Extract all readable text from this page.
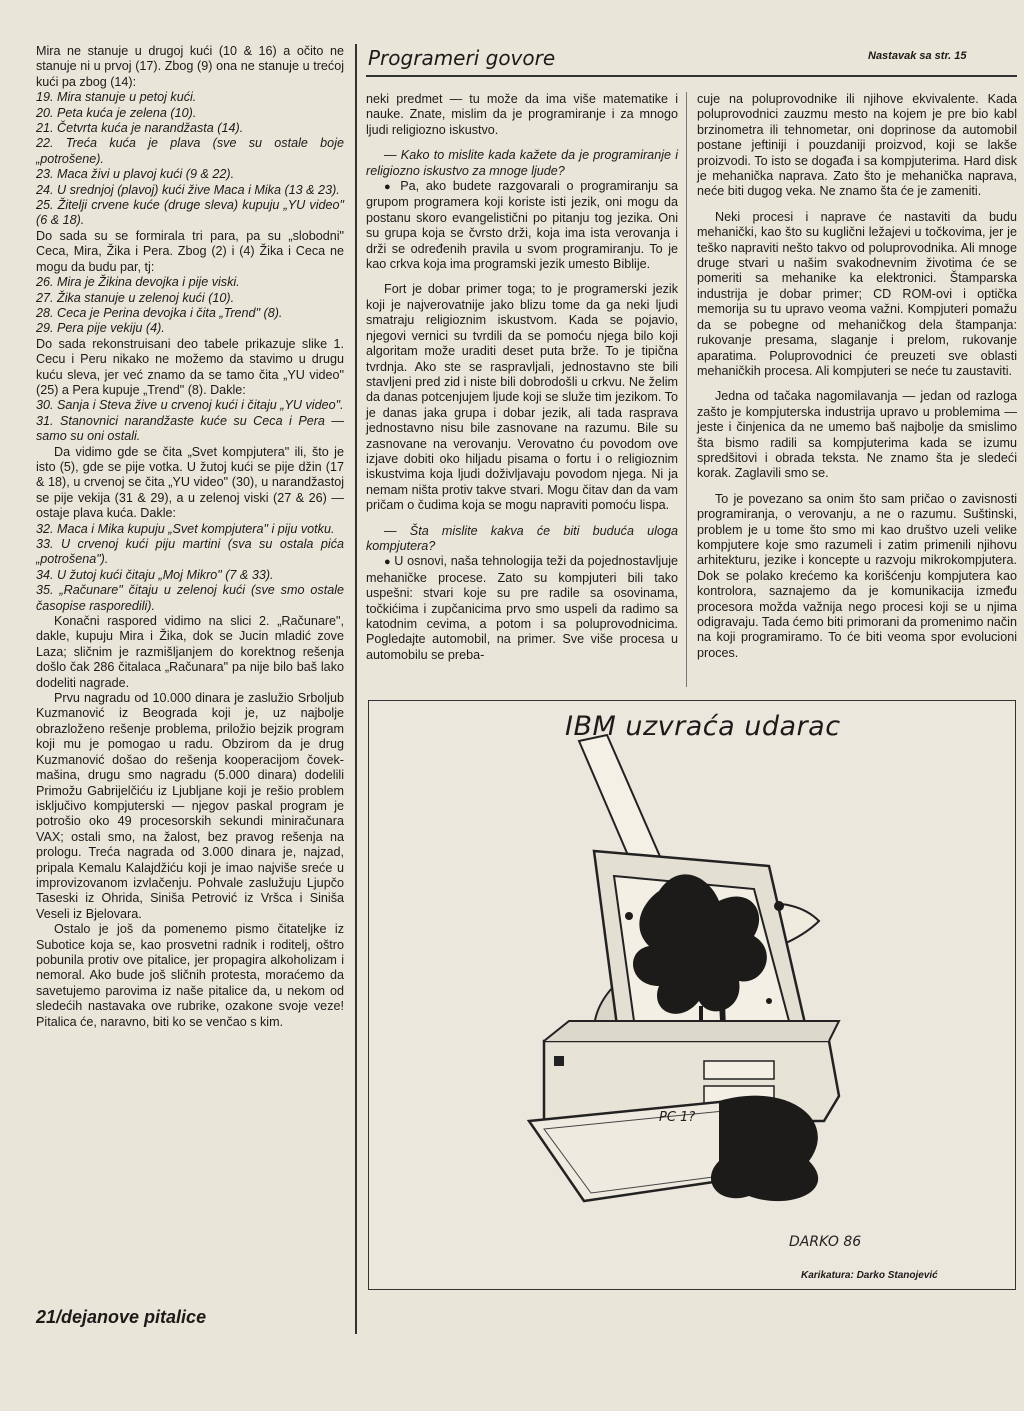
Mira ne stanuje u drugoj kući (10 & 16) a očito ne stanuje ni u prvoj (17). Zbog (9) ona ne stanuje u trećoj kući pa zbog (14):

19. Mira stanuje u petoj kući.

20. Peta kuća je zelena (10).

21. Četvrta kuća je narandžasta (14).

22. Treća kuća je plava (sve su ostale boje „potrošene).

23. Maca živi u plavoj kući (9 & 22).

24. U srednjoj (plavoj) kući žive Maca i Mika (13 & 23).

25. Žitelji crvene kuće (druge sleva) kupuju „YU video" (6 & 18).

Do sada su se formirala tri para, pa su „slobodni" Ceca, Mira, Žika i Pera. Zbog (2) i (4) Žika i Ceca ne mogu da budu par, tj:

26. Mira je Žikina devojka i pije viski.

27. Žika stanuje u zelenoj kući (10).

28. Ceca je Perina devojka i čita „Trend" (8).

29. Pera pije vekiju (4).

Do sada rekonstruisani deo tabele prikazuje slike 1. Cecu i Peru nikako ne možemo da stavimo u drugu kuću sleva, jer već znamo da se tamo čita „YU video" (25) a Pera kupuje „Trend" (8). Dakle:

30. Sanja i Steva žive u crvenoj kući i čitaju „YU video".

31. Stanovnici narandžaste kuće su Ceca i Pera — samo su oni ostali.

Da vidimo gde se čita „Svet kompjutera" ili, što je isto (5), gde se pije votka. U žutoj kući se pije džin (17 & 18), u crvenoj se čita „YU video" (30), u narandžastoj se pije vekija (31 & 29), a u zelenoj viski (27 & 26) — ostaje plava kuća. Dakle:

32. Maca i Mika kupuju „Svet kompjutera" i piju votku.

33. U crvenoj kući piju martini (sva su ostala pića „potrošena").

34. U žutoj kući čitaju „Moj Mikro" (7 & 33).

35. „Računare" čitaju u zelenoj kući (sve smo ostale časopise rasporedili).

Konačni raspored vidimo na slici 2. „Računare", dakle, kupuju Mira i Žika, dok se Jucin mladić zove Laza; sličnim je razmišljanjem do korektnog rešenja došlo čak 286 čitalaca „Računara" pa nije bilo baš lako dodeliti nagrade.

Prvu nagradu od 10.000 dinara je zaslužio Srboljub Kuzmanović iz Beograda koji je, uz najbolje obrazloženo rešenje problema, priložio bejzik program koji mu je pomogao u radu. Obzirom da je drug Kuzmanović došao do rešenja kooperacijom čovek-mašina, drugu smo nagradu (5.000 dinara) dodelili Primožu Gabrijelčiću iz Ljubljane koji je rešio problem isključivo kompjuterski — njegov paskal program je potrošio oko 49 procesorskih sekundi miniračunara VAX; ostali smo, na žalost, bez pravog rešenja na prologu. Treća nagrada od 3.000 dinara je, najzad, pripala Kemalu Kalajdžiću koji je imao najviše sreće u improvizovanom izvlačenju. Pohvale zaslužuju Ljupčo Taseski iz Ohrida, Siniša Petrović iz Vršca i Siniša Veseli iz Bjelovara.

Ostalo je još da pomenemo pismo čitateljke iz Subotice koja se, kao prosvetni radnik i roditelj, oštro pobunila protiv ove pitalice, jer propagira alkoholizam i nemoral. Ako bude još sličnih protesta, moraćemo da savetujemo parovima iz naše pitalice da, u nekom od sledećih nastavaka ove rubrike, ozakone svoje veze! Pitalica će, naravno, biti ko se venčao s kim.

21/dejanove pitalice
Programeri govore	Nastavak sa str. 15

neki predmet — tu može da ima više matematike i nauke. Znate, mislim da je programiranje i za mnogo ljudi religiozno iskustvo.

— Kako to mislite kada kažete da je programiranje i religiozno iskustvo za mnoge ljude?

● Pa, ako budete razgovarali o programiranju sa grupom programera koji koriste isti jezik, oni mogu da postanu skoro evangelistični po pitanju tog jezika. Oni su grupa koja se čvrsto drži, koja ima ista verovanja i drži se određenih pravila u svom programiranju. To je kao crkva koja ima programski jezik umesto Biblije.

Fort je dobar primer toga; to je programerski jezik koji je najverovatnije jako blizu tome da ga neki ljudi smatraju religioznim iskustvom. Kada se pojavio, njegovi vernici su tvrdili da se pomoću njega bilo koji algoritam može uraditi deset puta brže. To je tipična tvrdnja. Ako ste se raspravljali, jednostavno ste bili stavljeni pred zid i niste bili dobrodošli u crkvu. Ne želim da danas potcenjujem ljude koji se služe tim jezikom. To je danas jaka grupa i dobar jezik, ali tada rasprava jednostavno nisu bile zasnovane na razumu. Bile su zasnovane na verovanju. Verovatno ću povodom ove izjave dobiti oko hiljadu pisama o fortu i o religioznim iskustvima koja ljudi doživljavaju povodom njega. Ni ja nemam ništa protiv takve stvari. Mogu čitav dan da vam pričam o čudima koja se mogu napraviti pomoću lispa.

— Šta mislite kakva će biti buduća uloga kompjutera?

● U osnovi, naša tehnologija teži da pojednostavljuje mehaničke procese. Zato su kompjuteri bili tako uspešni: stvari koje su pre radile sa osovinama, točkićima i zupčanicima prvo smo uspeli da radimo sa katodnim cevima, a potom i sa poluprovodnicima. Pogledajte automobil, na primer. Sve više procesa u automobilu se preba-

cuje na poluprovodnike ili njihove ekvivalente. Kada poluprovodnici zauzmu mesto na kojem je pre bio kabl brzinometra ili tehnometar, oni doprinose da automobil postane jeftiniji i pouzdaniji proizvod, koji se lakše proizvodi. To isto se događa i sa kompjuterima. Hard disk je mehanička naprava. Zato što je mehanička naprava, neće biti dugog veka. Ne znamo šta će je zameniti.

Neki procesi i naprave će nastaviti da budu mehanički, kao što su kuglični ležajevi u točkovima, jer je teško napraviti nešto takvo od poluprovodnika. Ali mnoge druge stvari u našim svakodnevnim životima će se pomeriti sa mehanike ka elektronici. Štamparska industrija je dobar primer; CD ROM-ovi i optička memorija su tu upravo veoma važni. Kompjuteri pomažu da se pobegne od mehaničkog dela štampanja: rukovanje presama, slaganje i prelom, rukovanje aparatima. Poluprovodnici će preuzeti sve oblasti mehaničkih procesa. Ali kompjuteri se neće tu zaustaviti.

Jedna od tačaka nagomilavanja — jedan od razloga zašto je kompjuterska industrija upravo u problemima — jeste i činjenica da ne umemo baš najbolje da smislimo šta bismo radili sa kompjuterima kada se izumu spredšitovi i obrada teksta. Ne znamo šta je sledeći korak. Zaglavili smo se.

To je povezano sa onim što sam pričao o zavisnosti programiranja, o verovanju, a ne o razumu. Suštinski, problem je u tome što smo mi kao društvo uzeli velike kompjutere koje smo razumeli i zatim primenili njihovu arhitekturu, jezike i koncepte u razvoju mikrokompjutera. Dok se polako krećemo ka korišćenju kompjutera kao kontrolora, saznajemo da je komunikacija između procesora možda važnija nego procesi koji se u njima odigravaju. Tada ćemo biti primorani da promenimo način na koji programiramo. To će biti veoma spor evolucioni proces.

PC 1?
DARKO 86
IBM uzvraća udarac
Karikatura: Darko Stanojević
